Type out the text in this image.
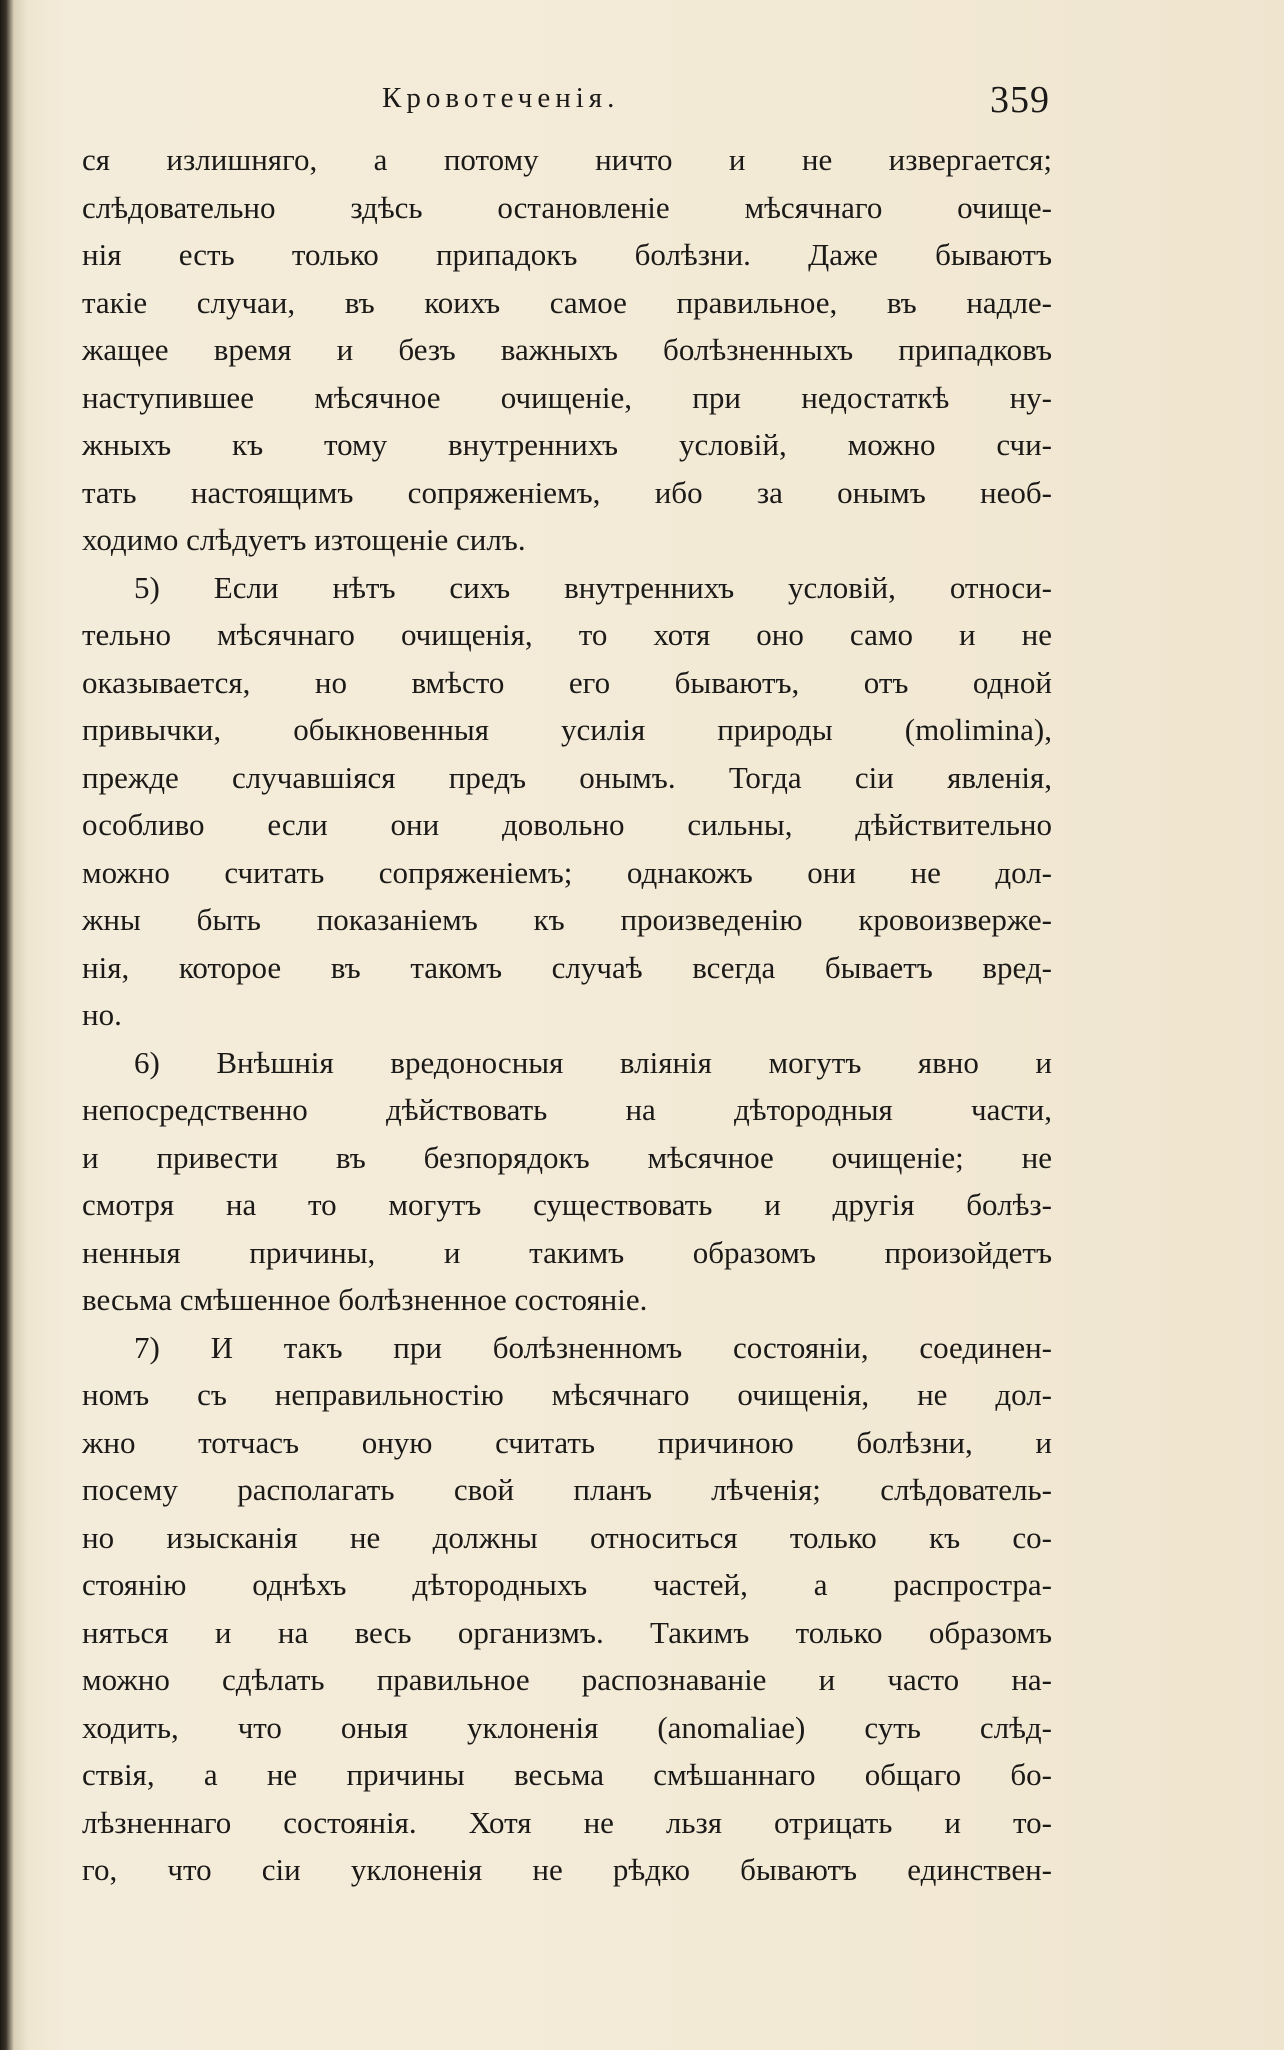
Кровотеченія.	359
ся излишняго, а потому ничто и не извергается;
слѣдовательно здѣсь остановленіе мѣсячнаго очище-
нія есть только припадокъ болѣзни. Даже бываютъ
такіе случаи, въ коихъ самое правильное, въ надле-
жащее время и безъ важныхъ болѣзненныхъ припадковъ
наступившее мѣсячное очищеніе, при недостаткѣ ну-
жныхъ къ тому внутреннихъ условій, можно счи-
тать настоящимъ сопряженіемъ, ибо за онымъ необ-
ходимо слѣдуетъ изтощеніе силъ.
5) Если нѣтъ сихъ внутреннихъ условій, относи-
тельно мѣсячнаго очищенія, то хотя оно само и не
оказывается, но вмѣсто его бываютъ, отъ одной
привычки, обыкновенныя усилія природы (molimina),
прежде случавшіяся предъ онымъ. Тогда сіи явленія,
особливо если они довольно сильны, дѣйствительно
можно считать сопряженіемъ; однакожъ они не дол-
жны быть показаніемъ къ произведенію кровоизверже-
нія, которое въ такомъ случаѣ всегда бываетъ вред-
но.
6) Внѣшнія вредоносныя вліянія могутъ явно и
непосредственно дѣйствовать на дѣтородныя части,
и привести въ безпорядокъ мѣсячное очищеніе; не
смотря на то могутъ существовать и другія болѣз-
ненныя причины, и такимъ образомъ произойдетъ
весьма смѣшенное болѣзненное состояніе.
7) И такъ при болѣзненномъ состояніи, соединен-
номъ съ неправильностію мѣсячнаго очищенія, не дол-
жно тотчасъ оную считать причиною болѣзни, и
посему располагать свой планъ лѣченія; слѣдователь-
но изысканія не должны относиться только къ со-
стоянію однѣхъ дѣтородныхъ частей, а распростра-
няться и на весь организмъ. Такимъ только образомъ
можно сдѣлать правильное распознаваніе и часто на-
ходить, что оныя уклоненія (anomaliae) суть слѣд-
ствія, а не причины весьма смѣшаннаго общаго бо-
лѣзненнаго состоянія. Хотя не льзя отрицать и то-
го, что сіи уклоненія не рѣдко бываютъ единствен-
